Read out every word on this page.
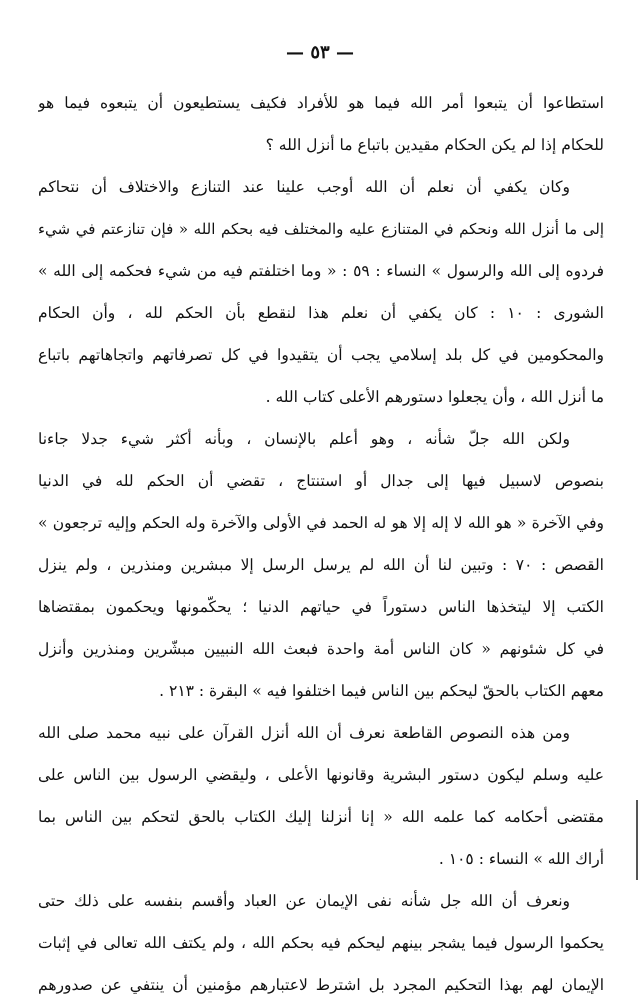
— ٥٣ —
استطاعوا أن يتبعوا أمر الله فيما هو للأفراد فكيف يستطيعون أن يتبعوه فيما هو
للحكام إذا لم يكن الحكام مقيدين باتباع ما أنزل الله ؟
وكان يكفي أن نعلم أن الله أوجب علينا عند التنازع والاختلاف أن نتحاكم
إلى ما أنزل الله ونحكم في المتنازع عليه والمختلف فيه بحكم الله « فإن تنازعتم في شيء
فردوه إلى الله والرسول » النساء : ٥٩ : « وما اختلفتم فيه من شيء فحكمه إلى الله »
الشورى : ١٠ : كان يكفي أن نعلم هذا لنقطع بأن الحكم لله ، وأن الحكام
والمحكومين في كل بلد إسلامي يجب أن يتقيدوا في كل تصرفاتهم واتجاهاتهم باتباع
ما أنزل الله ، وأن يجعلوا دستورهم الأعلى كتاب الله .
ولكن الله جلّ شأنه ، وهو أعلم بالإنسان ، وبأنه أكثر شيء جدلا جاءنا
بنصوص لاسبيل فيها إلى جدال أو استنتاج ، تقضي أن الحكم لله في الدنيا
وفي الآخرة « هو الله لا إله إلا هو له الحمد في الأولى والآخرة وله الحكم وإليه ترجعون »
القصص : ٧٠ : وتبين لنا أن الله لم يرسل الرسل إلا مبشرين ومنذرين ، ولم ينزل
الكتب إلا ليتخذها الناس دستوراً في حياتهم الدنيا ؛ يحكّمونها ويحكمون بمقتضاها
في كل شئونهم « كان الناس أمة واحدة فبعث الله النبيين مبشّرين ومنذرين وأنزل
معهم الكتاب بالحقّ ليحكم بين الناس فيما اختلفوا فيه » البقرة : ٢١٣ .
ومن هذه النصوص القاطعة نعرف أن الله أنزل القرآن على نبيه محمد صلى الله
عليه وسلم ليكون دستور البشرية وقانونها الأعلى ، وليقضي الرسول بين الناس على
مقتضى أحكامه كما علمه الله « إنا أنزلنا إليك الكتاب بالحق لتحكم بين الناس بما
أراك الله » النساء : ١٠٥ .
ونعرف أن الله جل شأنه نفى الإيمان عن العباد وأقسم بنفسه على ذلك حتى
يحكموا الرسول فيما يشجر بينهم ليحكم فيه بحكم الله ، ولم يكتف الله تعالى في إثبات
الإيمان لهم بهذا التحكيم المجرد بل اشترط لاعتبارهم مؤمنين أن ينتفي عن صدورهم
